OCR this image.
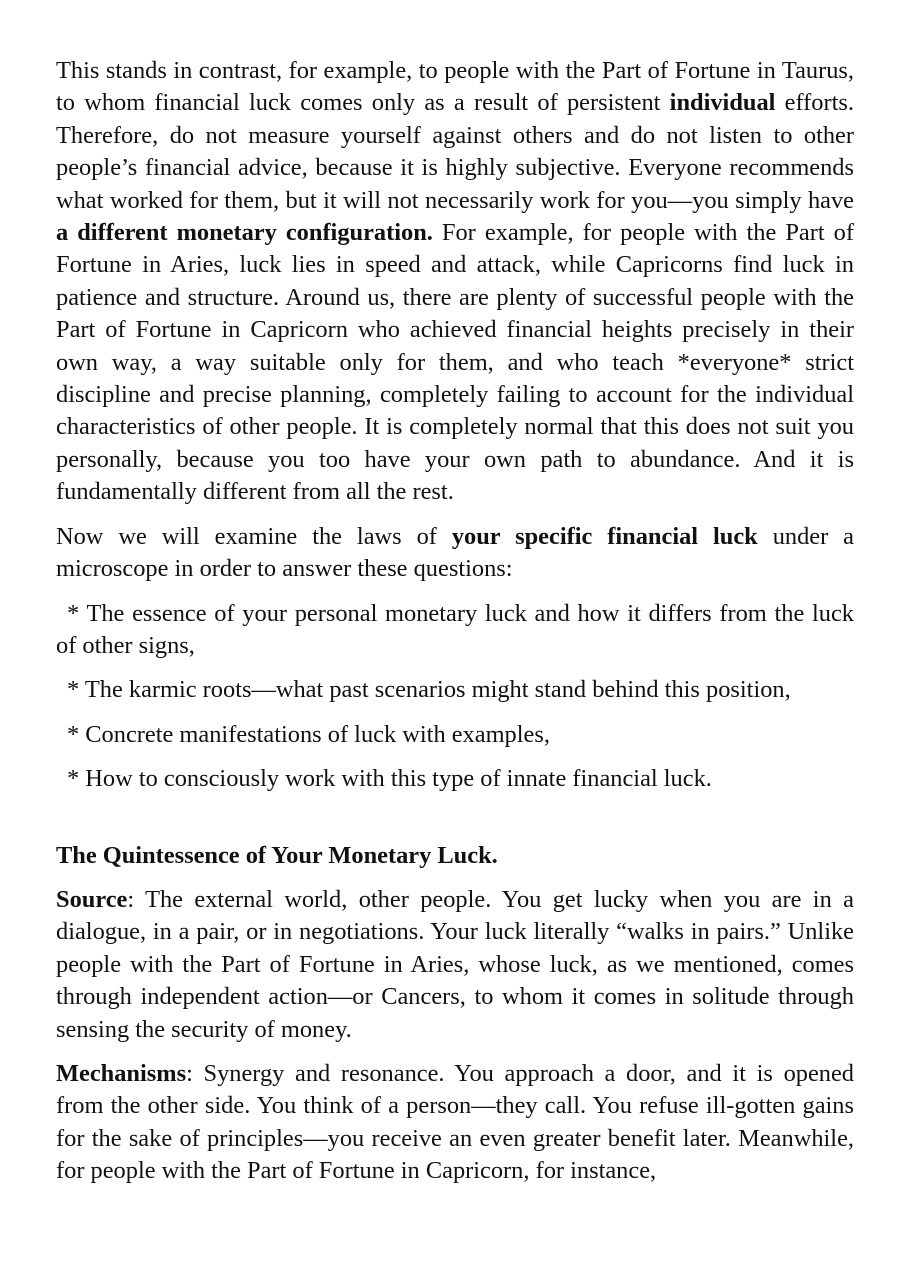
This stands in contrast, for example, to people with the Part of Fortune in Taurus, to whom financial luck comes only as a result of persistent individual efforts. Therefore, do not measure yourself against others and do not listen to other people’s financial advice, because it is highly subjective. Everyone recommends what worked for them, but it will not necessarily work for you—you simply have a different monetary configuration. For example, for people with the Part of Fortune in Aries, luck lies in speed and attack, while Capricorns find luck in patience and structure. Around us, there are plenty of successful people with the Part of Fortune in Capricorn who achieved financial heights precisely in their own way, a way suitable only for them, and who teach *everyone* strict discipline and precise planning, completely failing to account for the individual characteristics of other people. It is completely normal that this does not suit you personally, because you too have your own path to abundance. And it is fundamentally different from all the rest.

Now we will examine the laws of your specific financial luck under a microscope in order to answer these questions:

* The essence of your personal monetary luck and how it differs from the luck of other signs,

* The karmic roots—what past scenarios might stand behind this position,

* Concrete manifestations of luck with examples,

* How to consciously work with this type of innate financial luck.

The Quintessence of Your Monetary Luck.

Source: The external world, other people. You get lucky when you are in a dialogue, in a pair, or in negotiations. Your luck literally “walks in pairs.” Unlike people with the Part of Fortune in Aries, whose luck, as we mentioned, comes through independent action—or Cancers, to whom it comes in solitude through sensing the security of money.

Mechanisms: Synergy and resonance. You approach a door, and it is opened from the other side. You think of a person—they call. You refuse ill-gotten gains for the sake of principles—you receive an even greater benefit later. Meanwhile, for people with the Part of Fortune in Capricorn, for instance,
